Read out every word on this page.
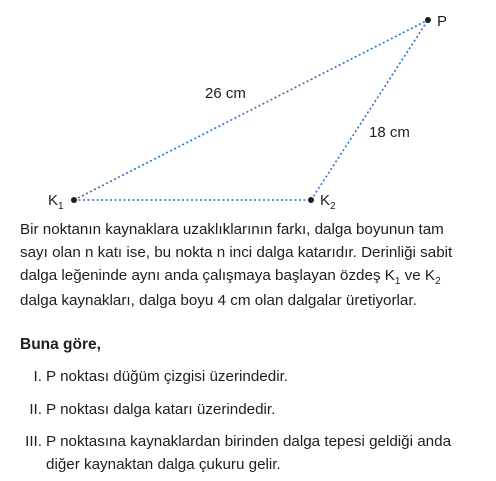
P
$K_1$	$K_2$
26 cm
18 cm

Bir noktanın kaynaklara uzaklıklarının farkı, dalga boyunun tam

sayı olan n katı ise, bu nokta n inci dalga katarıdır. Derinliği sabit

dalga leğeninde aynı anda çalışmaya başlayan özdeş $K_1$ ve $K_2$

dalga kaynakları, dalga boyu 4 cm olan dalgalar üretiyorlar.

Buna göre,

I. P noktası düğüm çizgisi üzerindedir.

II. P noktası dalga katarı üzerindedir.

III. P noktasına kaynaklardan birinden dalga tepesi geldiği anda
diğer kaynaktan dalga çukuru gelir.
